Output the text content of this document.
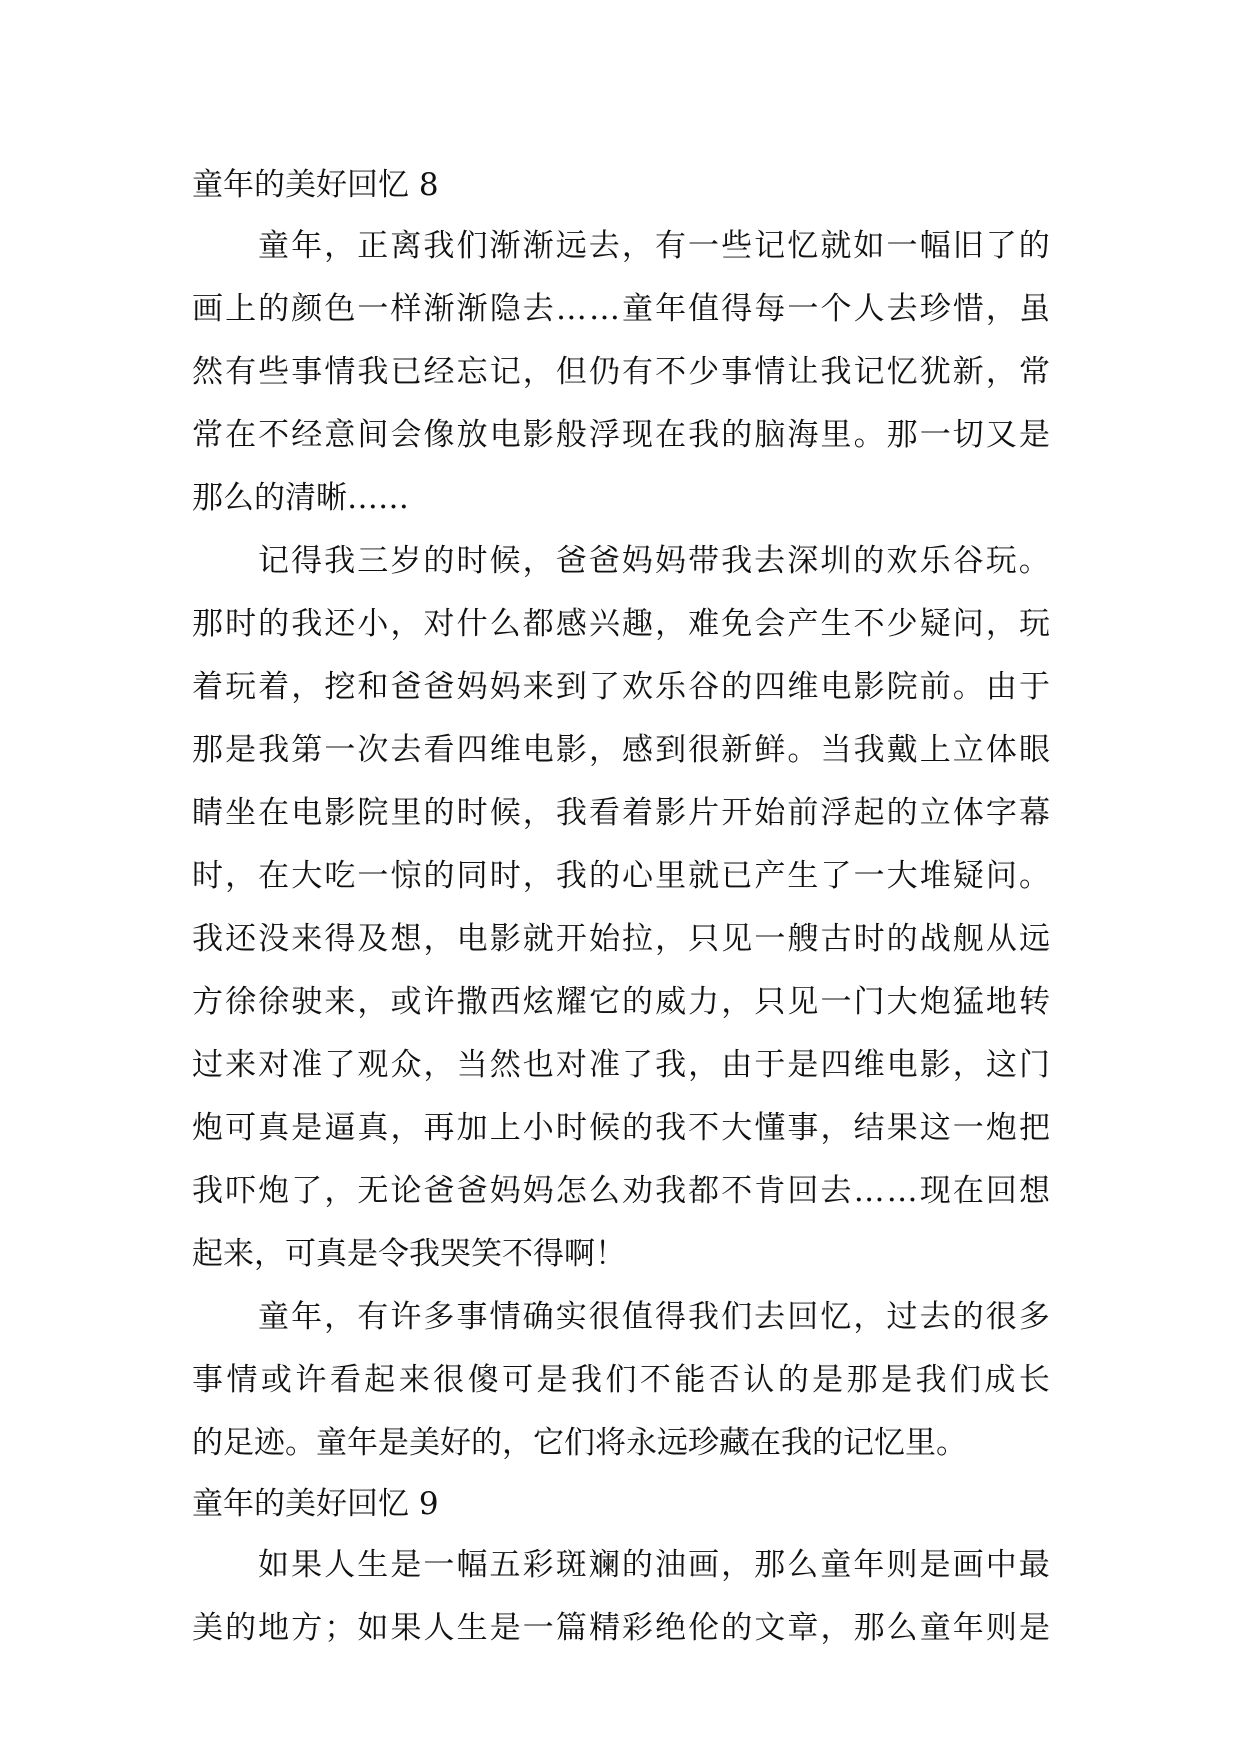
童年的美好回忆 8
童 年 ， 正 离 我 们 渐 渐 远 去 ， 有 一 些 记 忆 就 如 一 幅 旧 了 的
画 上 的 颜 色 一 样 渐 渐 隐 去 … … 童 年 值 得 每 一 个 人 去 珍 惜 ， 虽
然 有 些 事 情 我 已 经 忘 记 ， 但 仍 有 不 少 事 情 让 我 记 忆 犹 新 ， 常
常 在 不 经 意 间 会 像 放 电 影 般 浮 现 在 我 的 脑 海 里 。 那 一 切 又 是
那么的清晰……
记 得 我 三 岁 的 时 候 ， 爸 爸 妈 妈 带 我 去 深 圳 的 欢 乐 谷 玩 。
那 时 的 我 还 小 ， 对 什 么 都 感 兴 趣 ， 难 免 会 产 生 不 少 疑 问 ， 玩
着 玩 着 ， 挖 和 爸 爸 妈 妈 来 到 了 欢 乐 谷 的 四 维 电 影 院 前 。 由 于
那 是 我 第 一 次 去 看 四 维 电 影 ， 感 到 很 新 鲜 。 当 我 戴 上 立 体 眼
睛 坐 在 电 影 院 里 的 时 候 ， 我 看 着 影 片 开 始 前 浮 起 的 立 体 字 幕
时 ， 在 大 吃 一 惊 的 同 时 ， 我 的 心 里 就 已 产 生 了 一 大 堆 疑 问 。
我 还 没 来 得 及 想 ， 电 影 就 开 始 拉 ， 只 见 一 艘 古 时 的 战 舰 从 远
方 徐 徐 驶 来 ， 或 许 撒 西 炫 耀 它 的 威 力 ， 只 见 一 门 大 炮 猛 地 转
过 来 对 准 了 观 众 ， 当 然 也 对 准 了 我 ， 由 于 是 四 维 电 影 ， 这 门
炮 可 真 是 逼 真 ， 再 加 上 小 时 候 的 我 不 大 懂 事 ， 结 果 这 一 炮 把
我 吓 炮 了 ， 无 论 爸 爸 妈 妈 怎 么 劝 我 都 不 肯 回 去 … … 现 在 回 想
起来，可真是令我哭笑不得啊！
童 年 ， 有 许 多 事 情 确 实 很 值 得 我 们 去 回 忆 ， 过 去 的 很 多
事 情 或 许 看 起 来 很 傻 可 是 我 们 不 能 否 认 的 是 那 是 我 们 成 长
的足迹。童年是美好的，它们将永远珍藏在我的记忆里。
童年的美好回忆 9
如 果 人 生 是 一 幅 五 彩 斑 斓 的 油 画 ， 那 么 童 年 则 是 画 中 最
美 的 地 方 ； 如 果 人 生 是 一 篇 精 彩 绝 伦 的 文 章 ， 那 么 童 年 则 是
